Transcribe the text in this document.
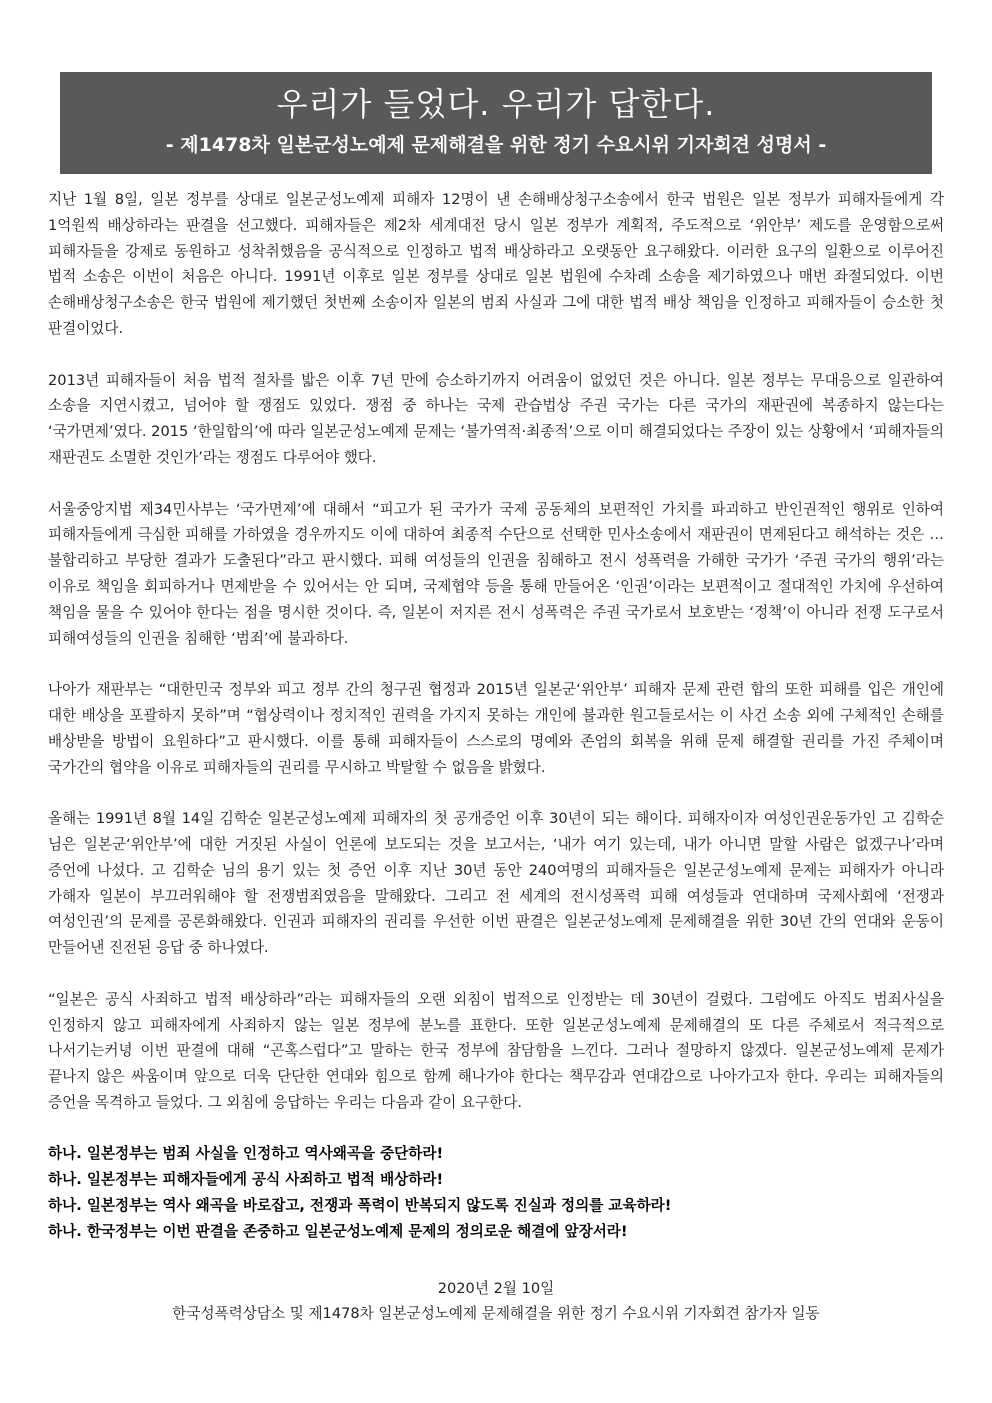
우리가 들었다. 우리가 답한다.
- 제1478차 일본군성노예제 문제해결을 위한 정기 수요시위 기자회견 성명서 -

지난 1월 8일, 일본 정부를 상대로 일본군성노예제 피해자 12명이 낸 손해배상청구소송에서 한국 법원은 일본 정부가 피해자들에게 각 1억원씩 배상하라는 판결을 선고했다. 피해자들은 제2차 세계대전 당시 일본 정부가 계획적, 주도적으로 ‘위안부’ 제도를 운영함으로써 피해자들을 강제로 동원하고 성착취했음을 공식적으로 인정하고 법적 배상하라고 오랫동안 요구해왔다. 이러한 요구의 일환으로 이루어진 법적 소송은 이번이 처음은 아니다. 1991년 이후로 일본 정부를 상대로 일본 법원에 수차례 소송을 제기하였으나 매번 좌절되었다. 이번 손해배상청구소송은 한국 법원에 제기했던 첫번째 소송이자 일본의 범죄 사실과 그에 대한 법적 배상 책임을 인정하고 피해자들이 승소한 첫 판결이었다.

2013년 피해자들이 처음 법적 절차를 밟은 이후 7년 만에 승소하기까지 어려움이 없었던 것은 아니다. 일본 정부는 무대응으로 일관하여 소송을 지연시켰고, 넘어야 할 쟁점도 있었다. 쟁점 중 하나는 국제 관습법상 주권 국가는 다른 국가의 재판권에 복종하지 않는다는 ‘국가면제’였다. 2015 ‘한일합의’에 따라 일본군성노예제 문제는 ‘불가역적·최종적’으로 이미 해결되었다는 주장이 있는 상황에서 ‘피해자들의 재판권도 소멸한 것인가’라는 쟁점도 다루어야 했다.

서울중앙지법 제34민사부는 ‘국가면제’에 대해서 “피고가 된 국가가 국제 공동체의 보편적인 가치를 파괴하고 반인권적인 행위로 인하여 피해자들에게 극심한 피해를 가하였을 경우까지도 이에 대하여 최종적 수단으로 선택한 민사소송에서 재판권이 면제된다고 해석하는 것은 … 불합리하고 부당한 결과가 도출된다”라고 판시했다. 피해 여성들의 인권을 침해하고 전시 성폭력을 가해한 국가가 ‘주권 국가의 행위’라는 이유로 책임을 회피하거나 면제받을 수 있어서는 안 되며, 국제협약 등을 통해 만들어온 ‘인권’이라는 보편적이고 절대적인 가치에 우선하여 책임을 물을 수 있어야 한다는 점을 명시한 것이다. 즉, 일본이 저지른 전시 성폭력은 주권 국가로서 보호받는 ‘정책’이 아니라 전쟁 도구로서 피해여성들의 인권을 침해한 ‘범죄’에 불과하다.

나아가 재판부는 “대한민국 정부와 피고 정부 간의 청구권 협정과 2015년 일본군‘위안부’ 피해자 문제 관련 합의 또한 피해를 입은 개인에 대한 배상을 포괄하지 못하”며 “협상력이나 정치적인 권력을 가지지 못하는 개인에 불과한 원고들로서는 이 사건 소송 외에 구체적인 손해를 배상받을 방법이 요원하다”고 판시했다. 이를 통해 피해자들이 스스로의 명예와 존엄의 회복을 위해 문제 해결할 권리를 가진 주체이며 국가간의 협약을 이유로 피해자들의 권리를 무시하고 박탈할 수 없음을 밝혔다.

올해는 1991년 8월 14일 김학순 일본군성노예제 피해자의 첫 공개증언 이후 30년이 되는 해이다. 피해자이자 여성인권운동가인 고 김학순 님은 일본군‘위안부’에 대한 거짓된 사실이 언론에 보도되는 것을 보고서는, ‘내가 여기 있는데, 내가 아니면 말할 사람은 없겠구나’라며 증언에 나섰다. 고 김학순 님의 용기 있는 첫 증언 이후 지난 30년 동안 240여명의 피해자들은 일본군성노예제 문제는 피해자가 아니라 가해자 일본이 부끄러워해야 할 전쟁범죄였음을 말해왔다. 그리고 전 세계의 전시성폭력 피해 여성들과 연대하며 국제사회에 ‘전쟁과 여성인권’의 문제를 공론화해왔다. 인권과 피해자의 권리를 우선한 이번 판결은 일본군성노예제 문제해결을 위한 30년 간의 연대와 운동이 만들어낸 진전된 응답 중 하나였다.

“일본은 공식 사죄하고 법적 배상하라”라는 피해자들의 오랜 외침이 법적으로 인정받는 데 30년이 걸렸다. 그럼에도 아직도 범죄사실을 인정하지 않고 피해자에게 사죄하지 않는 일본 정부에 분노를 표한다. 또한 일본군성노예제 문제해결의 또 다른 주체로서 적극적으로 나서기는커녕 이번 판결에 대해 “곤혹스럽다”고 말하는 한국 정부에 참담함을 느낀다. 그러나 절망하지 않겠다. 일본군성노예제 문제가 끝나지 않은 싸움이며 앞으로 더욱 단단한 연대와 힘으로 함께 해나가야 한다는 책무감과 연대감으로 나아가고자 한다. 우리는 피해자들의 증언을 목격하고 들었다. 그 외침에 응답하는 우리는 다음과 같이 요구한다.

하나. 일본정부는 범죄 사실을 인정하고 역사왜곡을 중단하라!
하나. 일본정부는 피해자들에게 공식 사죄하고 법적 배상하라!
하나. 일본정부는 역사 왜곡을 바로잡고, 전쟁과 폭력이 반복되지 않도록 진실과 정의를 교육하라!
하나. 한국정부는 이번 판결을 존중하고 일본군성노예제 문제의 정의로운 해결에 앞장서라!
2020년 2월 10일
한국성폭력상담소 및 제1478차 일본군성노예제 문제해결을 위한 정기 수요시위 기자회견 참가자 일동
